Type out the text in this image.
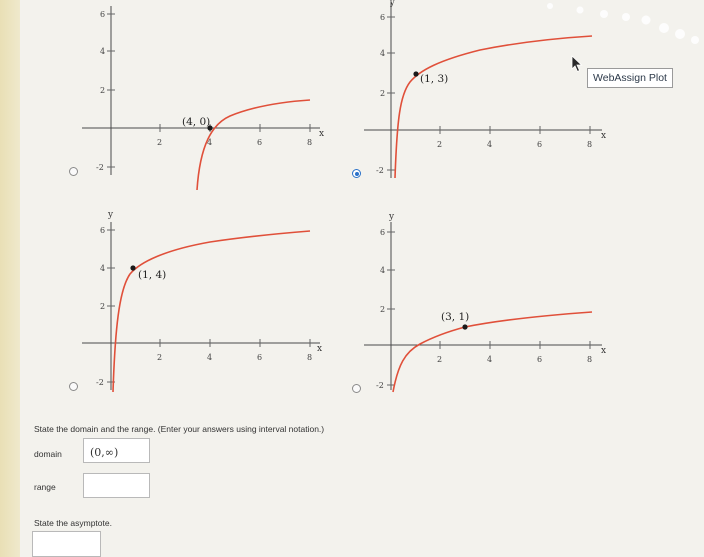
6
4
2
-2
2	4	6	8
x
(4, 0)
y
6
4
2
-2
2	4	6	8
x
(1, 3)
y
6
4
2
-2
2	4	6	8
x
(1, 4)
y
6
4
2
-2
2	4	6	8
x
(3, 1)
WebAssign Plot
State the domain and the range. (Enter your answers using interval notation.)
domain	(0,∞)
range
State the asymptote.
